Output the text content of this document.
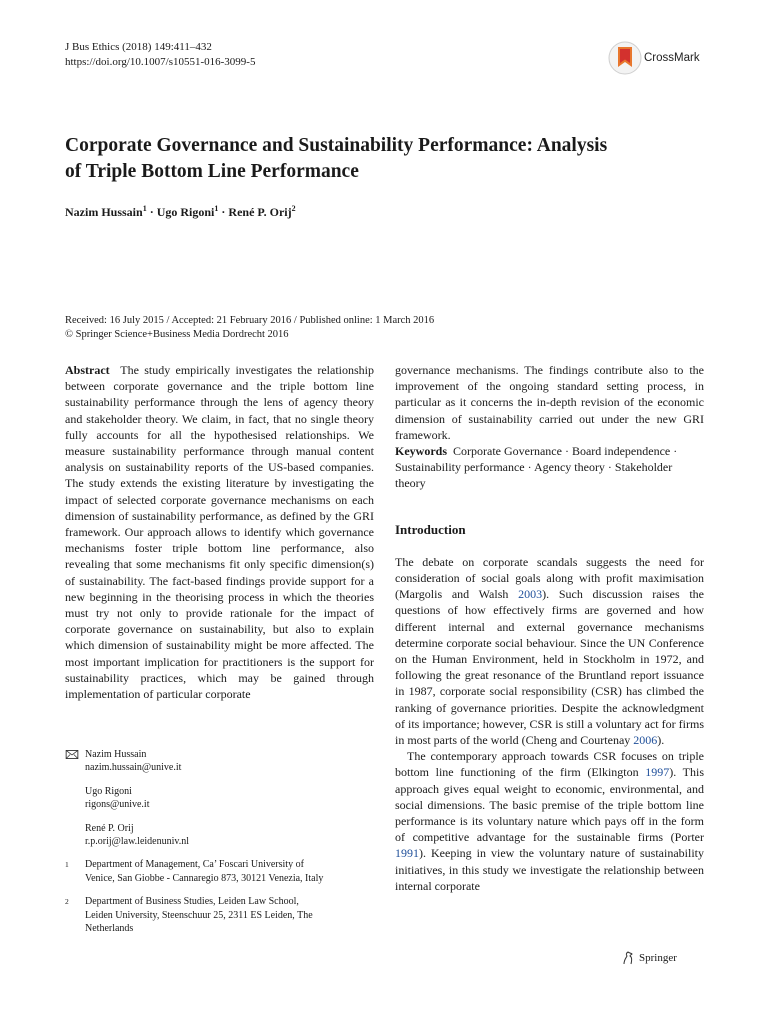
J Bus Ethics (2018) 149:411–432
https://doi.org/10.1007/s10551-016-3099-5	CrossMark
Corporate Governance and Sustainability Performance: Analysis
of Triple Bottom Line Performance
Nazim Hussain$^1$ · Ugo Rigoni$^1$ · René P. Orij$^2$
Received: 16 July 2015 / Accepted: 21 February 2016 / Published online: 1 March 2016
© Springer Science+Business Media Dordrecht 2016

Abstract The study empirically investigates the relationship between corporate governance and the triple bottom line sustainability performance through the lens of agency theory and stakeholder theory. We claim, in fact, that no single theory fully accounts for all the hypothesised relationships. We measure sustainability performance through manual content analysis on sustainability reports of the US-based companies. The study extends the existing literature by investigating the impact of selected corporate governance mechanisms on each dimension of sustainability performance, as defined by the GRI framework. Our approach allows to identify which governance mechanisms foster triple bottom line performance, also revealing that some mechanisms fit only specific dimension(s) of sustainability. The fact-based findings provide support for a new beginning in the theorising process in which the theories must try not only to provide rationale for the impact of corporate governance on sustainability, but also to explain which dimension of sustainability might be more affected. The most important implication for practitioners is the support for sustainability practices, which may be gained through implementation of particular corporate

Nazim Hussain
nazim.hussain@unive.it
Ugo Rigoni
rigons@unive.it
René P. Orij
r.p.orij@law.leidenuniv.nl
1	Department of Management, Ca’ Foscari University of Venice, San Giobbe - Cannaregio 873, 30121 Venezia, Italy
2	Department of Business Studies, Leiden Law School, Leiden University, Steenschuur 25, 2311 ES Leiden, The Netherlands

governance mechanisms. The findings contribute also to the improvement of the ongoing standard setting process, in particular as it concerns the in-depth revision of the economic dimension of sustainability carried out under the new GRI framework.

Keywords Corporate Governance · Board independence · Sustainability performance · Agency theory · Stakeholder theory

Introduction

The debate on corporate scandals suggests the need for consideration of social goals along with profit maximisation (Margolis and Walsh 2003). Such discussion raises the questions of how effectively firms are governed and how different internal and external governance mechanisms determine corporate social behaviour. Since the UN Conference on the Human Environment, held in Stockholm in 1972, and following the great resonance of the Bruntland report issuance in 1987, corporate social responsibility (CSR) has climbed the ranking of governance priorities. Despite the acknowledgment of its importance; however, CSR is still a voluntary act for firms in most parts of the world (Cheng and Courtenay 2006).

The contemporary approach towards CSR focuses on triple bottom line functioning of the firm (Elkington 1997). This approach gives equal weight to economic, environmental, and social dimensions. The basic premise of the triple bottom line performance is its voluntary nature which pays off in the form of competitive advantage for the sustainable firms (Porter 1991). Keeping in view the voluntary nature of sustainability initiatives, in this study we investigate the relationship between internal corporate

Springer
